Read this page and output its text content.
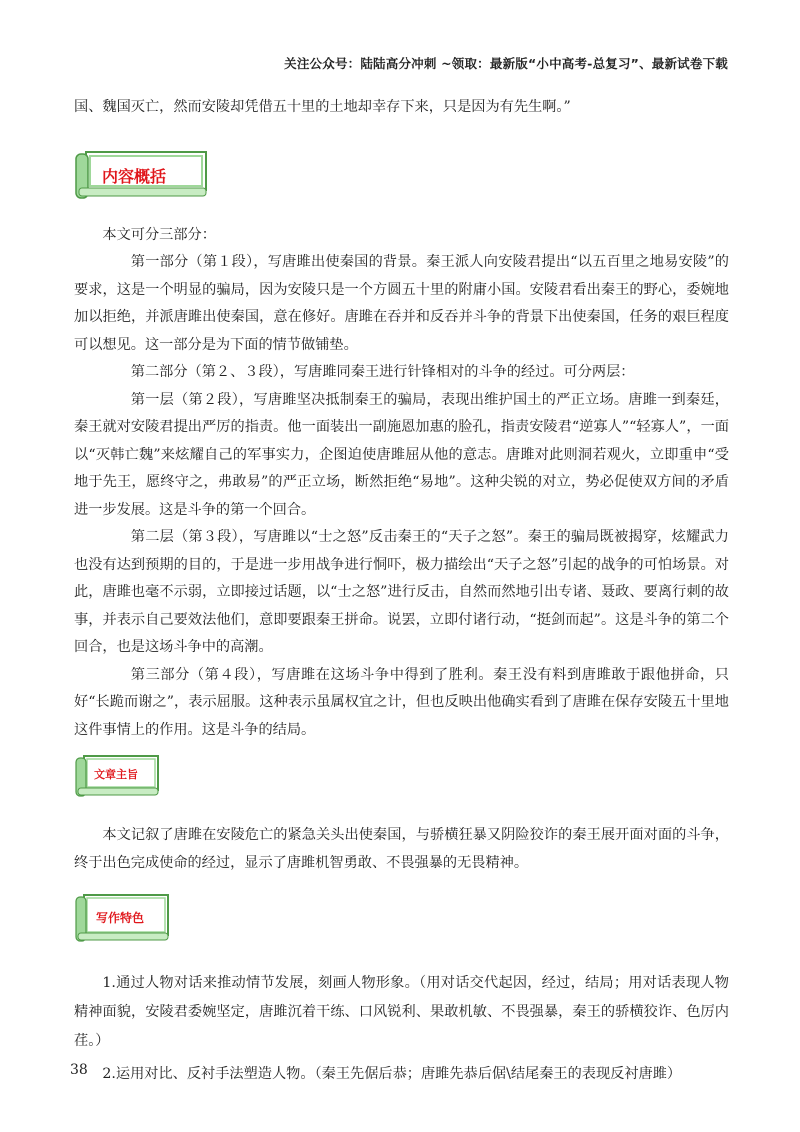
关注公众号：陆陆高分冲刺 ~领取：最新版“小中高考-总复习”、最新试卷下载

国、魏国灭亡，然而安陵却凭借五十里的土地却幸存下来，只是因为有先生啊。”

内容概括

本文可分三部分：

第一部分（第１段），写唐雎出使秦国的背景。秦王派人向安陵君提出“以五百里之地易安陵”的要求，这是一个明显的骗局，因为安陵只是一个方圆五十里的附庸小国。安陵君看出秦王的野心，委婉地加以拒绝，并派唐雎出使秦国，意在修好。唐雎在吞并和反吞并斗争的背景下出使秦国，任务的艰巨程度可以想见。这一部分是为下面的情节做铺垫。

第二部分（第２、３段），写唐雎同秦王进行针锋相对的斗争的经过。可分两层：

第一层（第２段），写唐雎坚决抵制秦王的骗局，表现出维护国土的严正立场。唐雎一到秦廷，秦王就对安陵君提出严厉的指责。他一面装出一副施恩加惠的脸孔，指责安陵君“逆寡人”“轻寡人”，一面以“灭韩亡魏”来炫耀自己的军事实力，企图迫使唐雎屈从他的意志。唐雎对此则洞若观火，立即重申“受地于先王，愿终守之，弗敢易”的严正立场，断然拒绝“易地”。这种尖锐的对立，势必促使双方间的矛盾进一步发展。这是斗争的第一个回合。

第二层（第３段），写唐雎以“士之怒”反击秦王的“天子之怒”。秦王的骗局既被揭穿，炫耀武力也没有达到预期的目的，于是进一步用战争进行恫吓，极力描绘出“天子之怒”引起的战争的可怕场景。对此，唐雎也毫不示弱，立即接过话题，以“士之怒”进行反击，自然而然地引出专诸、聂政、要离行刺的故事，并表示自己要效法他们，意即要跟秦王拼命。说罢，立即付诸行动，“挺剑而起”。这是斗争的第二个回合，也是这场斗争中的高潮。

第三部分（第４段），写唐雎在这场斗争中得到了胜利。秦王没有料到唐雎敢于跟他拼命，只好“长跪而谢之”，表示屈服。这种表示虽属权宜之计，但也反映出他确实看到了唐雎在保存安陵五十里地这件事情上的作用。这是斗争的结局。

文章主旨

本文记叙了唐雎在安陵危亡的紧急关头出使秦国，与骄横狂暴又阴险狡诈的秦王展开面对面的斗争，终于出色完成使命的经过，显示了唐雎机智勇敢、不畏强暴的无畏精神。

写作特色

1.通过人物对话来推动情节发展，刻画人物形象。（用对话交代起因，经过，结局；用对话表现人物精神面貌，安陵君委婉坚定，唐雎沉着干练、口风锐利、果敢机敏、不畏强暴，秦王的骄横狡诈、色厉内荏。）

2.运用对比、反衬手法塑造人物。（秦王先倨后恭；唐雎先恭后倨\结尾秦王的表现反衬唐雎）

38
